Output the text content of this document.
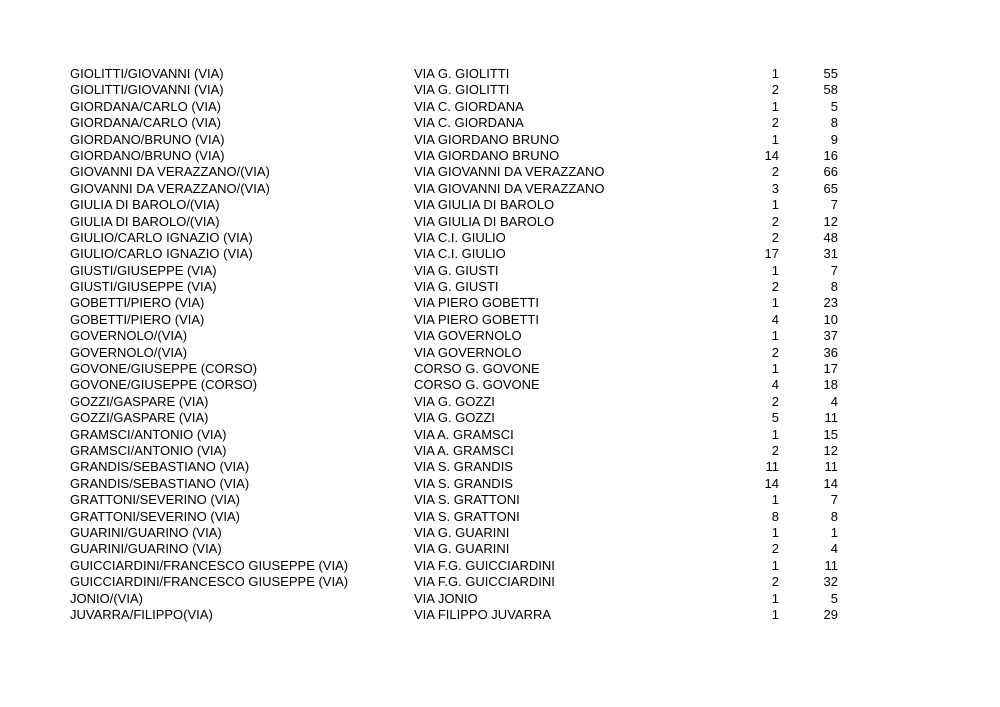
GIOLITTI/GIOVANNI (VIA)	VIA G. GIOLITTI	1	55
GIOLITTI/GIOVANNI (VIA)	VIA G. GIOLITTI	2	58
GIORDANA/CARLO (VIA)	VIA C. GIORDANA	1	5
GIORDANA/CARLO (VIA)	VIA C. GIORDANA	2	8
GIORDANO/BRUNO (VIA)	VIA GIORDANO BRUNO	1	9
GIORDANO/BRUNO (VIA)	VIA GIORDANO BRUNO	14	16
GIOVANNI DA VERAZZANO/(VIA)	VIA GIOVANNI DA VERAZZANO	2	66
GIOVANNI DA VERAZZANO/(VIA)	VIA GIOVANNI DA VERAZZANO	3	65
GIULIA DI BAROLO/(VIA)	VIA GIULIA DI BAROLO	1	7
GIULIA DI BAROLO/(VIA)	VIA GIULIA DI BAROLO	2	12
GIULIO/CARLO IGNAZIO (VIA)	VIA C.I. GIULIO	2	48
GIULIO/CARLO IGNAZIO (VIA)	VIA C.I. GIULIO	17	31
GIUSTI/GIUSEPPE (VIA)	VIA G. GIUSTI	1	7
GIUSTI/GIUSEPPE (VIA)	VIA G. GIUSTI	2	8
GOBETTI/PIERO (VIA)	VIA PIERO GOBETTI	1	23
GOBETTI/PIERO (VIA)	VIA PIERO GOBETTI	4	10
GOVERNOLO/(VIA)	VIA GOVERNOLO	1	37
GOVERNOLO/(VIA)	VIA GOVERNOLO	2	36
GOVONE/GIUSEPPE (CORSO)	CORSO G. GOVONE	1	17
GOVONE/GIUSEPPE (CORSO)	CORSO G. GOVONE	4	18
GOZZI/GASPARE (VIA)	VIA G. GOZZI	2	4
GOZZI/GASPARE (VIA)	VIA G. GOZZI	5	11
GRAMSCI/ANTONIO (VIA)	VIA A. GRAMSCI	1	15
GRAMSCI/ANTONIO (VIA)	VIA A. GRAMSCI	2	12
GRANDIS/SEBASTIANO (VIA)	VIA S. GRANDIS	11	11
GRANDIS/SEBASTIANO (VIA)	VIA S. GRANDIS	14	14
GRATTONI/SEVERINO (VIA)	VIA S. GRATTONI	1	7
GRATTONI/SEVERINO (VIA)	VIA S. GRATTONI	8	8
GUARINI/GUARINO (VIA)	VIA G. GUARINI	1	1
GUARINI/GUARINO (VIA)	VIA G. GUARINI	2	4
GUICCIARDINI/FRANCESCO GIUSEPPE (VIA)	VIA F.G. GUICCIARDINI	1	11
GUICCIARDINI/FRANCESCO GIUSEPPE (VIA)	VIA F.G. GUICCIARDINI	2	32
JONIO/(VIA)	VIA JONIO	1	5
JUVARRA/FILIPPO(VIA)	VIA FILIPPO JUVARRA	1	29
